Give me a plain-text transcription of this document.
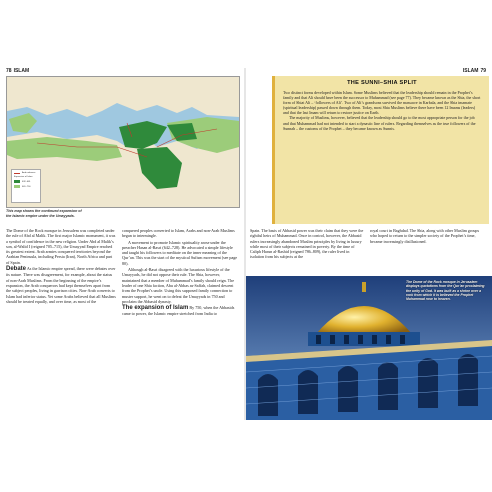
78 ISLAM
Arab advance
Expansion of Islam
632–661
661–750
This map shows the continued expansion of the Islamic empire under the Umayyads.

The Dome of the Rock mosque in Jerusalem was completed under the rule of Abd al Malik. The first major Islamic monument, it was a symbol of confidence in the new religion. Under Abd al Malik’s son, al-Walid I (reigned 705–715), the Umayyad Empire reached its greatest extent. Arab armies conquered territories beyond the Arabian Peninsula, including Persia (Iran), North Africa and part of Spain.

Debate As the Islamic empire spread, there were debates over its nature. There was disagreement, for example, about the status of non-Arab Muslims. From the beginning of the empire’s expansion, the Arab conquerors had kept themselves apart from the subject peoples, living in garrison cities. Non-Arab converts to Islam had inferior status. Yet some Arabs believed that all Muslims should be treated equally, and over time, as most of the

conquered peoples converted to Islam, Arabs and non-Arab Muslims began to intermingle.

A movement to promote Islamic spirituality arose under the preacher Hasan al-Basri (642–728). He advocated a simple lifestyle and taught his followers to meditate on the inner meaning of the Qur’an. This was the start of the mystical Sufism movement (see page 80).

Although al-Basri disagreed with the luxurious lifestyle of the Umayyads, he did not oppose their rule. The Shia, however, maintained that a member of Muhammad’s family should reign. The leader of one Shia faction, Abu al-Abbas as-Saffah, claimed descent from the Prophet’s uncle. Using this supposed family connection to muster support, he went on to defeat the Umayyads in 750 and proclaim the Abbasid dynasty.

The expansion of Islam By 750, when the Abbasids came to power, the Islamic empire stretched from India to

ISLAM 79
THE SUNNI–SHIA SPLIT

Two distinct forms developed within Islam. Some Muslims believed that the leadership should remain in the Prophet’s family and that Ali should have been the successor to Muhammad (see page 77). They became known as the Shia, the short form of Shiat Ali – ‘followers of Ali’. Two of Ali’s grandsons survived the massacre in Karbala, and the Shia imamate (spiritual leadership) passed down through them. Today, most Shia Muslims believe there have been 12 Imams (leaders) and that the last Imam will return to restore justice on Earth.

The majority of Muslims, however, believed that the leadership should go to the most appropriate person for the job and that Muhammad had not intended to start a dynastic line of rulers. Regarding themselves as the true followers of the Sunnah – the customs of the Prophet – they became known as Sunnis.

Spain. The basis of Abbasid power was their claim that they were the rightful heirs of Muhammad. Once in control, however, the Abbasid rulers increasingly abandoned Muslim principles by living in luxury while most of their subjects remained in poverty. By the time of Caliph Harun al-Rashid (reigned 786–809), the ruler lived in isolation from his subjects at the

royal court in Baghdad. The Shia, along with other Muslim groups who hoped to return to the simpler society of the Prophet’s time, became increasingly disillusioned.

The Dome of the Rock mosque in Jerusalem displays quotations from the Qur’an proclaiming the unity of God. It was built as a shrine over a rock from which it is believed the Prophet Muhammad rose to heaven.
